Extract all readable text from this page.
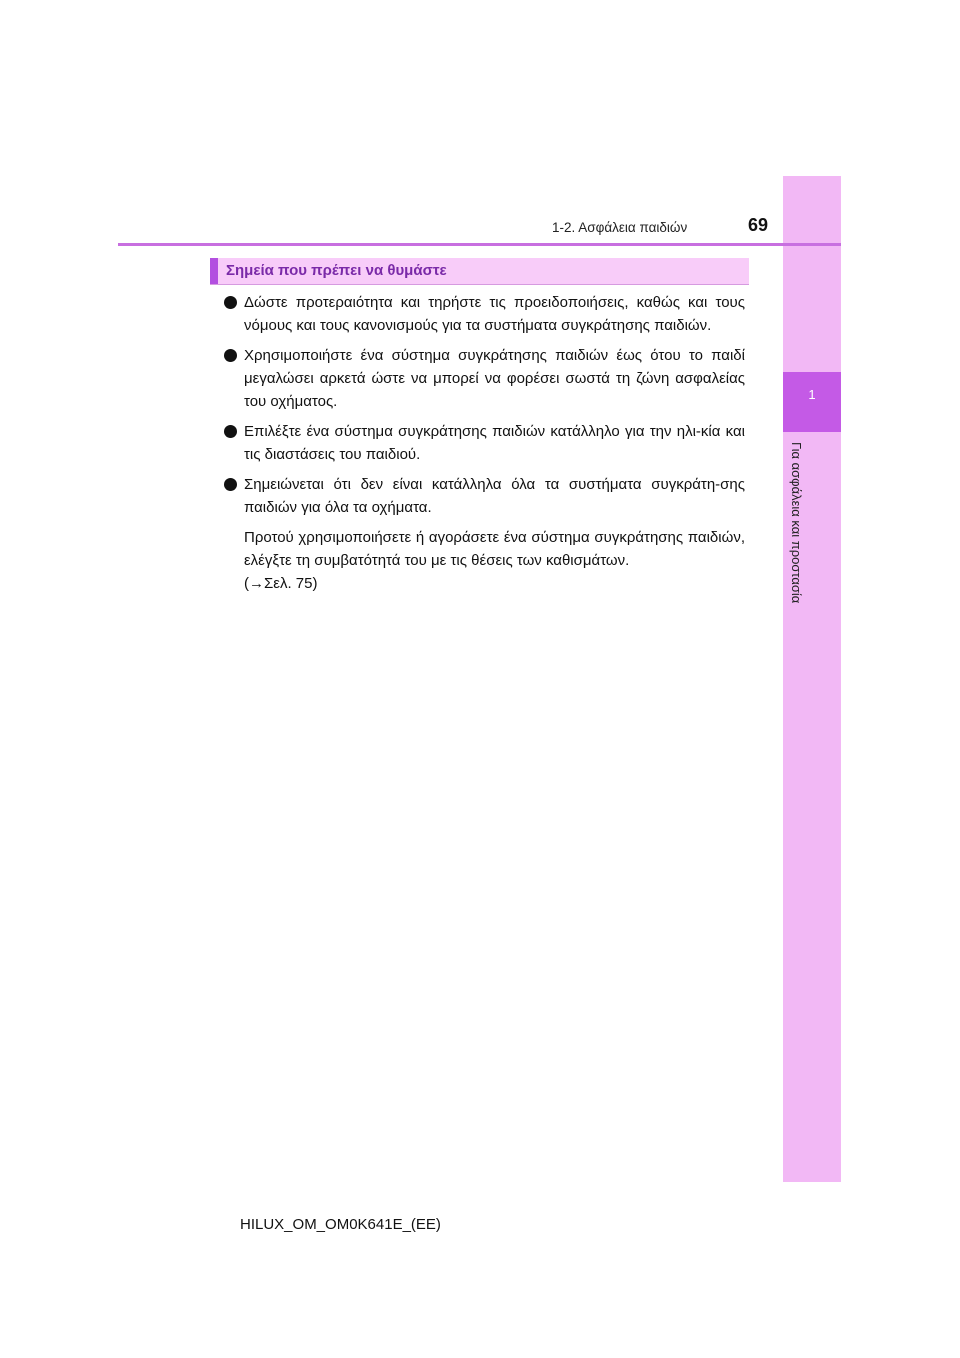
1
Για ασφάλεια και προστασία
1-2. Ασφάλεια παιδιών	69
Σημεία που πρέπει να θυμάστε

Δώστε προτεραιότητα και τηρήστε τις προειδοποιήσεις, καθώς και τους νόμους και τους κανονισμούς για τα συστήματα συγκράτησης παιδιών.

Χρησιμοποιήστε ένα σύστημα συγκράτησης παιδιών έως ότου το παιδί μεγαλώσει αρκετά ώστε να μπορεί να φορέσει σωστά τη ζώνη ασφαλείας του οχήματος.

Επιλέξτε ένα σύστημα συγκράτησης παιδιών κατάλληλο για την ηλι-κία και τις διαστάσεις του παιδιού.

Σημειώνεται ότι δεν είναι κατάλληλα όλα τα συστήματα συγκράτη-σης παιδιών για όλα τα οχήματα.

Προτού χρησιμοποιήσετε ή αγοράσετε ένα σύστημα συγκράτησης παιδιών, ελέγξτε τη συμβατότητά του με τις θέσεις των καθισμάτων.
(→Σελ. 75)

HILUX_OM_OM0K641E_(EE)
